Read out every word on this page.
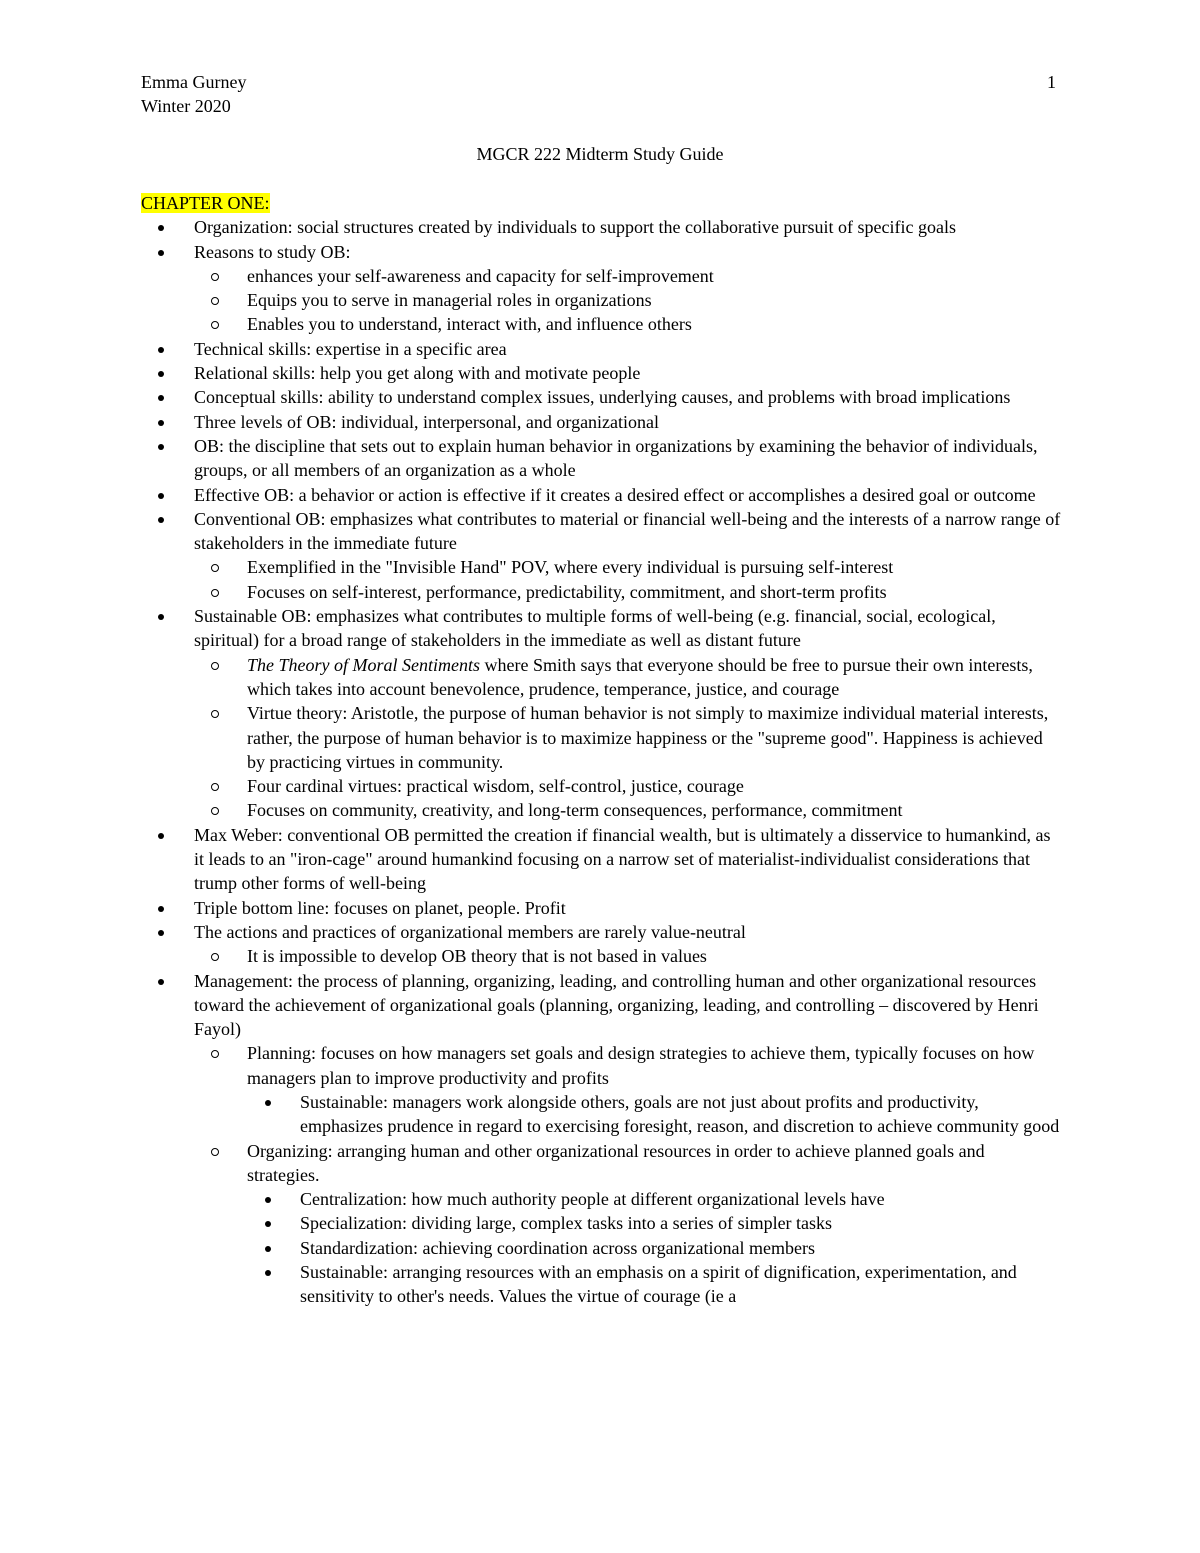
Emma Gurney
Winter 2020
1
MGCR 222 Midterm Study Guide
CHAPTER ONE:
Organization: social structures created by individuals to support the collaborative pursuit of specific goals
Reasons to study OB:
enhances your self-awareness and capacity for self-improvement
Equips you to serve in managerial roles in organizations
Enables you to understand, interact with, and influence others
Technical skills: expertise in a specific area
Relational skills: help you get along with and motivate people
Conceptual skills: ability to understand complex issues, underlying causes, and problems with broad implications
Three levels of OB: individual, interpersonal, and organizational
OB: the discipline that sets out to explain human behavior in organizations by examining the behavior of individuals, groups, or all members of an organization as a whole
Effective OB: a behavior or action is effective if it creates a desired effect or accomplishes a desired goal or outcome
Conventional OB: emphasizes what contributes to material or financial well-being and the interests of a narrow range of stakeholders in the immediate future
Exemplified in the "Invisible Hand" POV, where every individual is pursuing self-interest
Focuses on self-interest, performance, predictability, commitment, and short-term profits
Sustainable OB: emphasizes what contributes to multiple forms of well-being (e.g. financial, social, ecological, spiritual) for a broad range of stakeholders in the immediate as well as distant future
The Theory of Moral Sentiments where Smith says that everyone should be free to pursue their own interests, which takes into account benevolence, prudence, temperance, justice, and courage
Virtue theory: Aristotle, the purpose of human behavior is not simply to maximize individual material interests, rather, the purpose of human behavior is to maximize happiness or the "supreme good". Happiness is achieved by practicing virtues in community.
Four cardinal virtues: practical wisdom, self-control, justice, courage
Focuses on community, creativity, and long-term consequences, performance, commitment
Max Weber: conventional OB permitted the creation if financial wealth, but is ultimately a disservice to humankind, as it leads to an "iron-cage" around humankind focusing on a narrow set of materialist-individualist considerations that trump other forms of well-being
Triple bottom line: focuses on planet, people. Profit
The actions and practices of organizational members are rarely value-neutral
It is impossible to develop OB theory that is not based in values
Management: the process of planning, organizing, leading, and controlling human and other organizational resources toward the achievement of organizational goals (planning, organizing, leading, and controlling – discovered by Henri Fayol)
Planning: focuses on how managers set goals and design strategies to achieve them, typically focuses on how managers plan to improve productivity and profits
Sustainable: managers work alongside others, goals are not just about profits and productivity, emphasizes prudence in regard to exercising foresight, reason, and discretion to achieve community good
Organizing: arranging human and other organizational resources in order to achieve planned goals and strategies.
Centralization: how much authority people at different organizational levels have
Specialization: dividing large, complex tasks into a series of simpler tasks
Standardization: achieving coordination across organizational members
Sustainable: arranging resources with an emphasis on a spirit of dignification, experimentation, and sensitivity to other's needs. Values the virtue of courage (ie a
